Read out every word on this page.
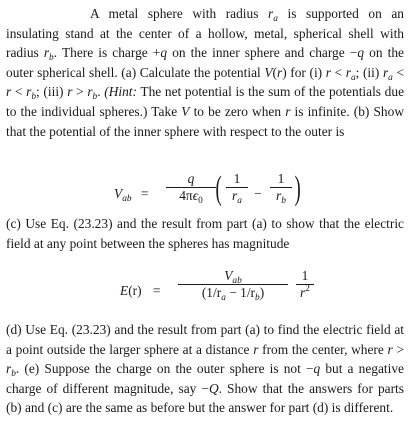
A metal sphere with radius $r_a$ is supported on an insulating stand at the center of a hollow, metal, spherical shell with radius $r_b$. There is charge +q on the inner sphere and charge −q on the outer spherical shell. (a) Calculate the potential V(r) for (i) $r < r_a$; (ii) $r_a < r < r_b$; (iii) $r > r_b$. (Hint: The net potential is the sum of the potentials due to the individual spheres.) Take V to be zero when r is infinite. (b) Show that the potential of the inner sphere with respect to the outer is

$V_{ab}$ =
q
$4\pi\epsilon_0$ ( 1
$r_a$ −
1
$r_b$ )

(c) Use Eq. (23.23) and the result from part (a) to show that the electric field at any point between the spheres has magnitude

E(r) =
$V_{ab}$
$(1/r_a - 1/r_b)$
1
$r^2$

(d) Use Eq. (23.23) and the result from part (a) to find the electric field at a point outside the larger sphere at a distance r from the center, where $r > r_b$. (e) Suppose the charge on the outer sphere is not −q but a negative charge of different magnitude, say −Q. Show that the answers for parts (b) and (c) are the same as before but the answer for part (d) is different.
